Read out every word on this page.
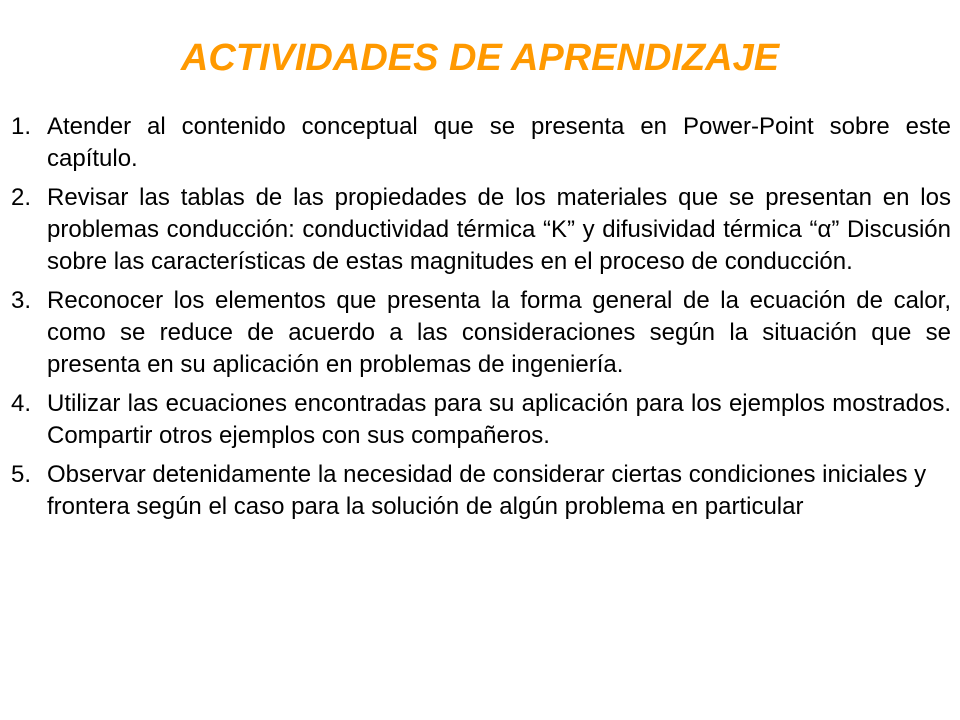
ACTIVIDADES DE APRENDIZAJE
1. Atender al contenido conceptual que se presenta en Power-Point sobre este capítulo.
2. Revisar las tablas de las propiedades de los materiales que se presentan en los problemas conducción: conductividad térmica “K” y difusividad térmica “α” Discusión sobre las características de estas magnitudes en el proceso de conducción.
3. Reconocer los elementos que presenta la forma general de la ecuación de calor, como se reduce de acuerdo a las consideraciones según la situación que se presenta en su aplicación en problemas de ingeniería.
4. Utilizar las ecuaciones encontradas para su aplicación para los ejemplos mostrados. Compartir otros ejemplos con sus compañeros.
5. Observar detenidamente la necesidad de considerar ciertas condiciones iniciales y frontera según el caso para la solución de algún problema en particular
